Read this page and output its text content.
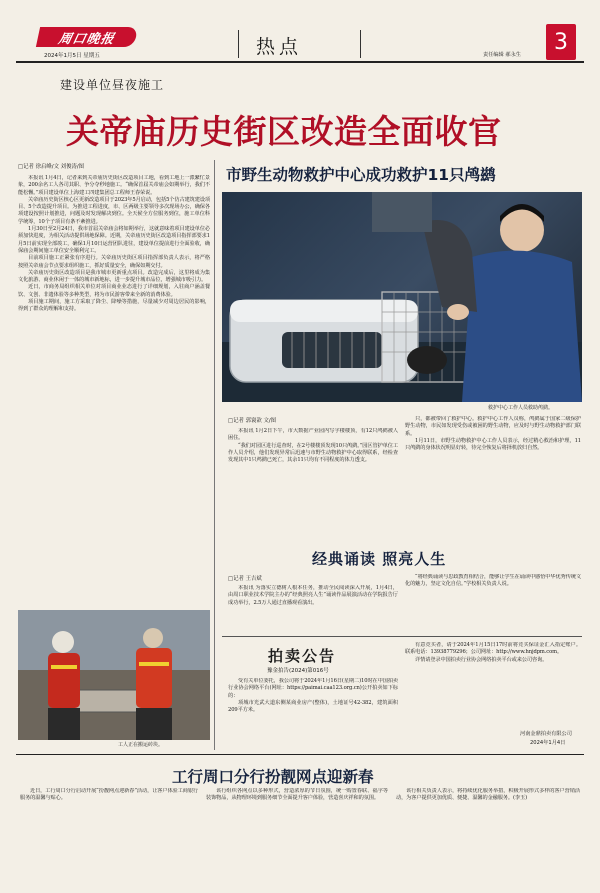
周口晚报
2024年1月5日 星期五	热点	责任编辑 郝永生
3
建设单位昼夜施工
关帝庙历史街区改造全面收官
□记者 徐启峰/文 刘俊涛/图

本报讯 1月4日，记者来到关帝庙历史街区改造项目工地，看到工地上一派繁忙景象，200余名工人各司其职、争分夺秒地施工。“确保首届关帝庙会如期举行，我们不能松懈。”项目建设单位上海建工四建集团总工程师王春荣说。

关帝庙历史街区核心区更新改造项目于2023年5月启动，包括5个仿古建筑建设项目、5个改造提升项目。为推进工程进度，市、区两级主要领导多次现场办公，确保各项建设按照计划推进，问题及时发现解决到位。全天候全方位服务到位，施工单位科学统筹，10个子项目有条不紊推进。

1月30日至2月24日，我市首届关帝庙会将如期举行，这就意味着项目建设单位必须加快进度，为相关活动提供场地保障。近期，关帝庙历史街区改造项目指挥部要求1月5日前实现全部竣工，确保1月10日运营团队进驻，建设单位提前进行全面验收，确保庙会期间施工单位安全顺利完工。

目前项目施工正紧张有序进行。关帝庙历史街区项目指挥部负责人表示，将严格按照关帝庙会节点要求组织施工，抓好质量安全，确保如期交付。

关帝庙历史街区改造项目是我市城市更新重点项目。改造完成后，这里将成为集文化旅游、商业休闲于一体的城市新地标，进一步提升城市品位，增强城市吸引力。

近日，市商务局组织相关单位对项目商业业态进行了详细规划，入驻商户涵盖餐饮、文创、非遗体验等多种类型，将为市民游客带来全新的消费体验。

项目施工期间，施工方采取了降尘、降噪等措施，尽量减少对周边居民的影响，得到了群众的理解和支持。

工人正在搬运砖块。
市野生动物救护中心成功救护11只鸬鹚
救护中心工作人员救助鸬鹚。
□记者 郭寰歆 文/图

本报讯 1月2日下午，市大数据产业园内写字楼楼顶，有12只鸬鹚被人困住。

“我们对园区进行巡查时，在2号楼楼顶发现10只鸬鹚。”园区管护单位工作人员介绍，他们发现异常后迅速与市野生动物救护中心取得联系，经检查发现其中1只鸬鹚已死亡，其余11只均有不同程度的体力透支。

只，都被带回了救护中心。救护中心工作人员称，鸬鹚属于国家二级保护野生动物，市民如发现受伤或被困的野生动物，应及时与野生动物救护部门联系。

1月11日，市野生动物救护中心工作人员表示，经过精心救治和护理，11只鸬鹚的身体状况明显好转，待完全恢复后将择机放归自然。

经典诵读 照亮人生
□记者 王吉斌

本报讯 为落实立德树人根本任务，推动全民阅读深入开展，1月4日，由周口职业技术学院主办的“经典照亮人生”诵读作品展演活动在学院报告厅成功举行，2.5万人通过直播观看演出。

“将经典诵读与思政教育相结合，能够让学生在诵读中感悟中华优秀传统文化的魅力，坚定文化自信。”学校相关负责人说。

拍卖公告
豫金拍告(2024)第016号

受有关单位委托，我公司将于2024年1月16日(星期二)10时在中国拍卖行业协会网络平台(网址：https://paimai.caa123.org.cn)公开拍卖如下标的：

项城市光武大道东侧某商业房产(整体)，土地证号42-382，建筑面积209平方米。

有意竞买者，请于2024年1月15日17时前将竞买保证金汇入指定账户。联系电话：13938779296；公司网址：http://www.hnjdpm.com。

详情请登录中国拍卖行业协会网络拍卖平台或来公司咨询。

河南金鼎拍卖有限公司
2024年1月4日
工行周口分行扮靓网点迎新春

近日，工行周口分行启动开展“扮靓网点迎新春”活动，让客户体验工商银行服务的温馨与贴心。

该行组织各网点以多种形式，营造浓厚的节日氛围，统一购置春联、福字等装饰物品，从物理环境到服务细节全面提升客户体验，营造喜庆祥和的氛围。

该行相关负责人表示，将持续优化服务举措，积极开展形式多样的客户营销活动，为客户提供更加优质、便捷、温馨的金融服务。(李玉)
